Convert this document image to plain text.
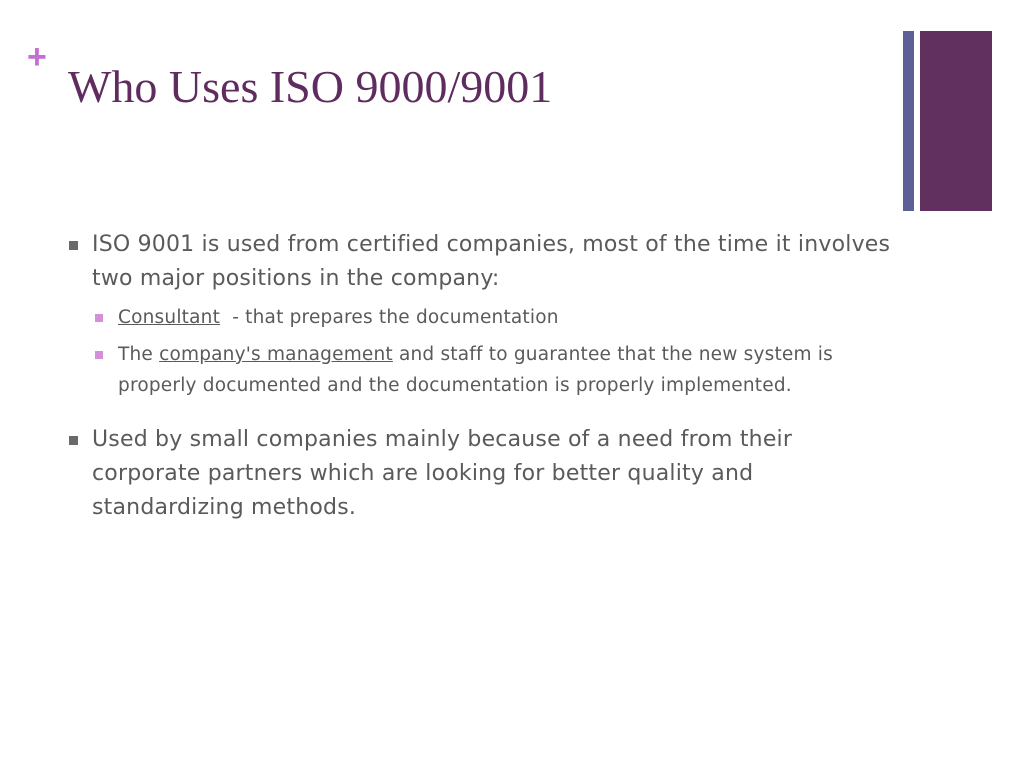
+
Who Uses ISO 9000/9001
ISO 9001 is used from certified companies, most of the time it involves two major positions in the company:
Consultant  - that prepares the documentation
The company's management and staff to guarantee that the new system is properly documented and the documentation is properly implemented.
Used by small companies mainly because of a need from their corporate partners which are looking for better quality and standardizing methods.
